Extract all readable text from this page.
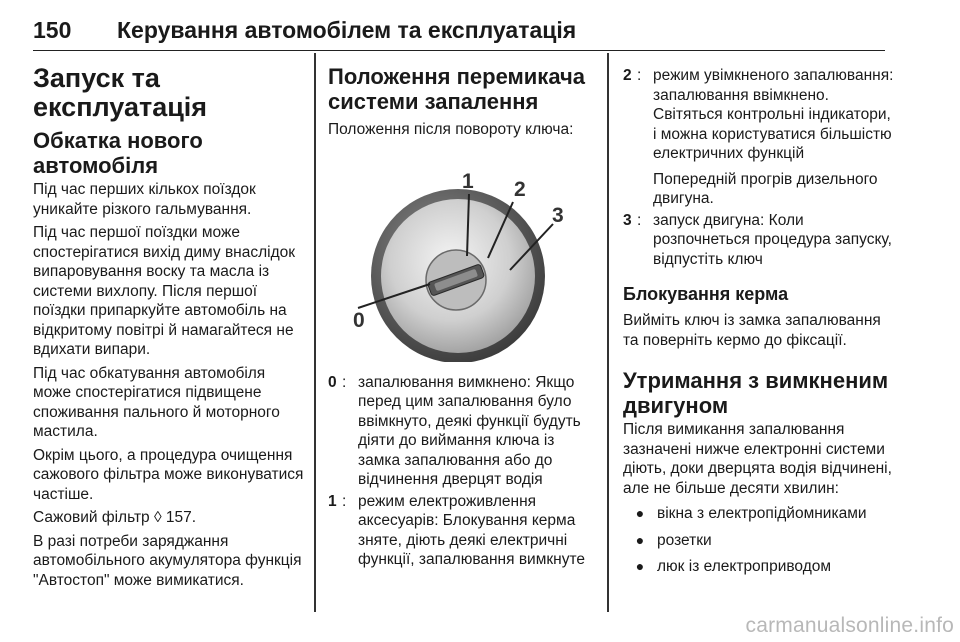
150 Керування автомобілем та експлуатація
Запуск та експлуатація
Обкатка нового автомобіля

Під час перших кількох поїздок уникайте різкого гальмування.

Під час першої поїздки може спостерігатися вихід диму внаслідок випаровування воску та масла із системи вихлопу. Після першої поїздки припаркуйте автомобіль на відкритому повітрі й намагайтеся не вдихати випари.

Під час обкатування автомобіля може спостерігатися підвищене споживання пального й моторного мастила.

Окрім цього, а процедура очищення сажового фільтра може виконуватися частіше.

Сажовий фільтр ◊ 157.

В разі потреби заряджання автомобільного акумулятора функція "Автостоп" може вимикатися.

Положення перемикача системи запалення

Положення після повороту ключа:

0
1 2
3
0 : запалювання вимкнено: Якщо перед цим запалювання було ввімкнуто, деякі функції будуть діяти до виймання ключа із замка запалювання або до відчинення дверцят водія
1 : режим електроживлення аксесуарів: Блокування керма зняте, діють деякі електричні функції, запалювання вимкнуте
2 : режим увімкненого запалювання: запалювання ввімкнено. Світяться контрольні індикатори, і можна користуватися більшістю електричних функцій

Попередній прогрів дизельного двигуна.

3 : запуск двигуна: Коли розпочнеться процедура запуску, відпустіть ключ
Блокування керма

Вийміть ключ із замка запалювання та поверніть кермо до фіксації.

Утримання з вимкненим двигуном

Після вимикання запалювання зазначені нижче електронні системи діють, доки дверцята водія відчинені, але не більше десяти хвилин:

● вікна з електропідйомниками
● розетки
● люк із електроприводом
carmanualsonline.info
